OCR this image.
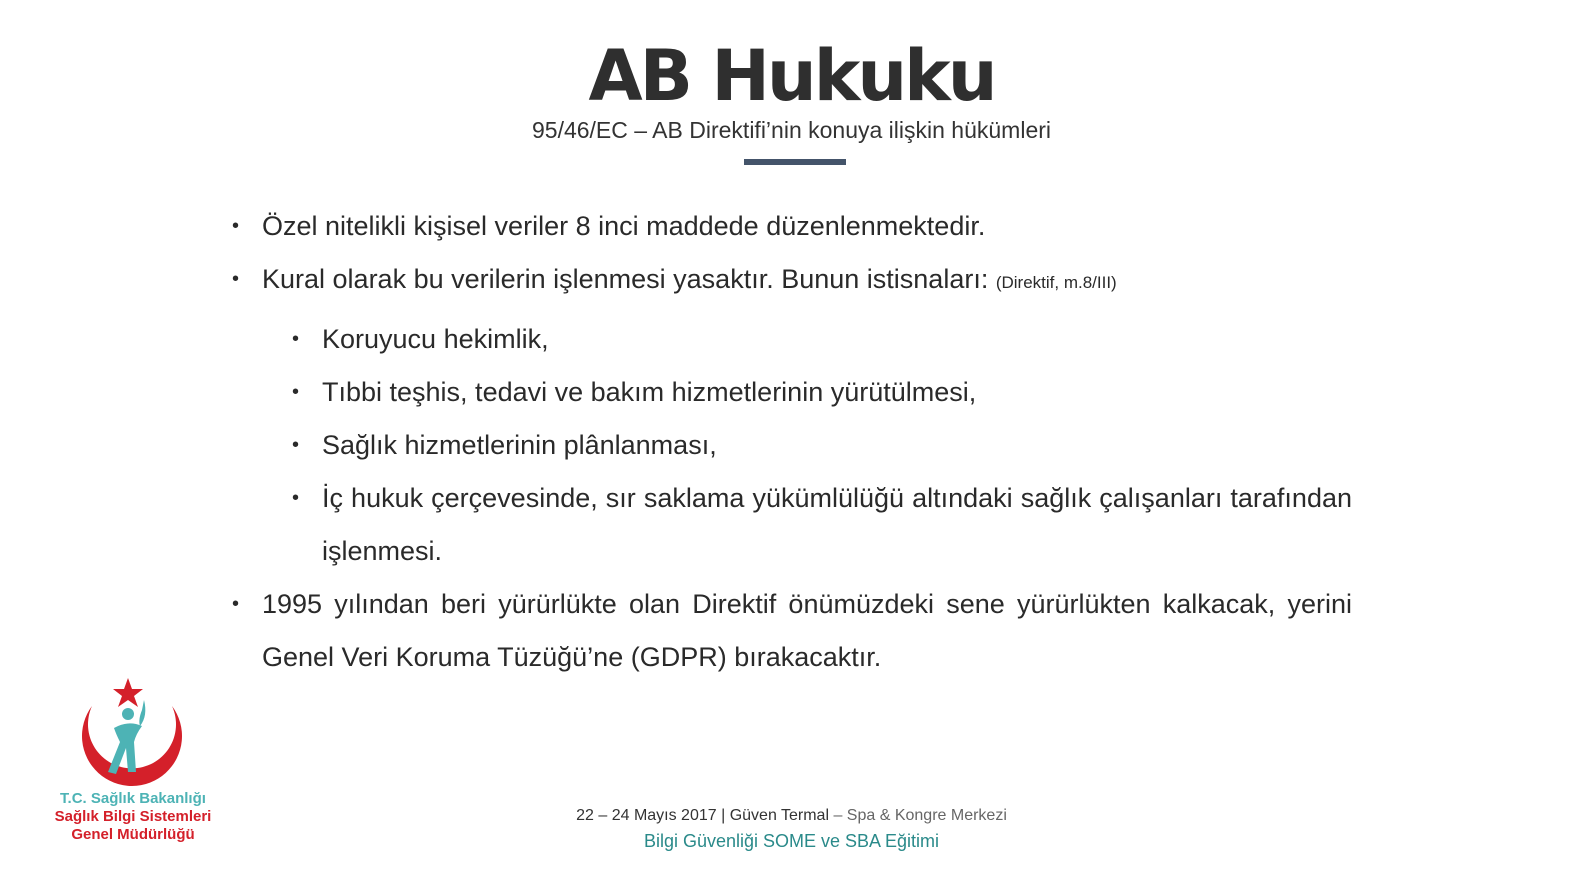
AB Hukuku
95/46/EC – AB Direktifi’nin konuya ilişkin hükümleri
• Özel nitelikli kişisel veriler 8 inci maddede düzenlenmektedir.
• Kural olarak bu verilerin işlenmesi yasaktır. Bunun istisnaları: (Direktif, m.8/III)
• Koruyucu hekimlik,
• Tıbbi teşhis, tedavi ve bakım hizmetlerinin yürütülmesi,
• Sağlık hizmetlerinin plânlanması,
• İç hukuk çerçevesinde, sır saklama yükümlülüğü altındaki sağlık çalışanları tarafından işlenmesi.
• 1995 yılından beri yürürlükte olan Direktif önümüzdeki sene yürürlükten kalkacak, yerini Genel Veri Koruma Tüzüğü’ne (GDPR) bırakacaktır.
T.C. Sağlık Bakanlığı
Sağlık Bilgi Sistemleri
Genel Müdürlüğü
22 – 24 Mayıs 2017 | Güven Termal – Spa & Kongre Merkezi
Bilgi Güvenliği SOME ve SBA Eğitimi
